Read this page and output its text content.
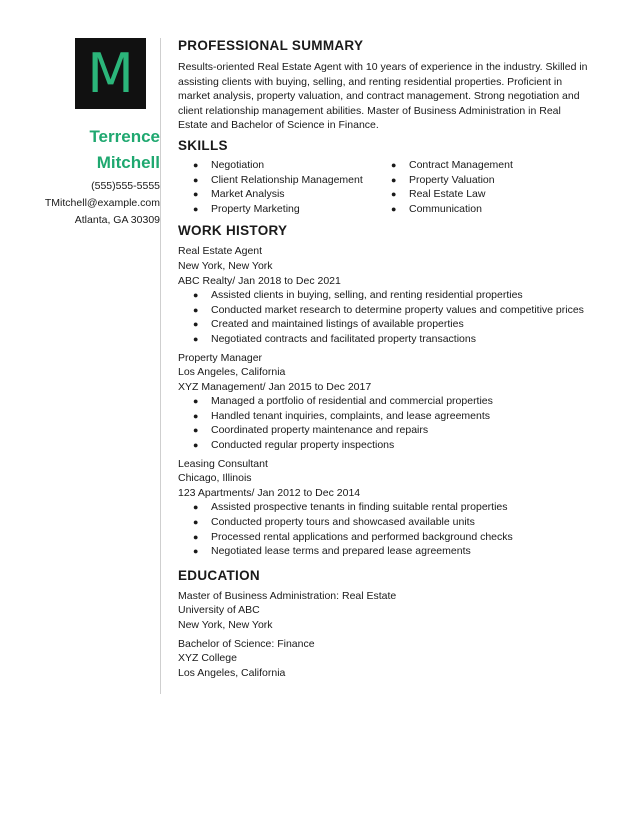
M
Terrence
Mitchell
(555)555-5555
TMitchell@example.com
Atlanta, GA 30309
PROFESSIONAL SUMMARY
Results-oriented Real Estate Agent with 10 years of experience in the industry. Skilled in assisting clients with buying, selling, and renting residential properties. Proficient in market analysis, property valuation, and contract management. Strong negotiation and client relationship management abilities. Master of Business Administration in Real Estate and Bachelor of Science in Finance.
SKILLS
● Negotiation
● Client Relationship Management
● Market Analysis
● Property Marketing
● Contract Management
● Property Valuation
● Real Estate Law
● Communication
WORK HISTORY
Real Estate Agent
New York, New York
ABC Realty/ Jan 2018 to Dec 2021
● Assisted clients in buying, selling, and renting residential properties
● Conducted market research to determine property values and competitive prices
● Created and maintained listings of available properties
● Negotiated contracts and facilitated property transactions
Property Manager
Los Angeles, California
XYZ Management/ Jan 2015 to Dec 2017
● Managed a portfolio of residential and commercial properties
● Handled tenant inquiries, complaints, and lease agreements
● Coordinated property maintenance and repairs
● Conducted regular property inspections
Leasing Consultant
Chicago, Illinois
123 Apartments/ Jan 2012 to Dec 2014
● Assisted prospective tenants in finding suitable rental properties
● Conducted property tours and showcased available units
● Processed rental applications and performed background checks
● Negotiated lease terms and prepared lease agreements
EDUCATION
Master of Business Administration: Real Estate
University of ABC
New York, New York
Bachelor of Science: Finance
XYZ College
Los Angeles, California
